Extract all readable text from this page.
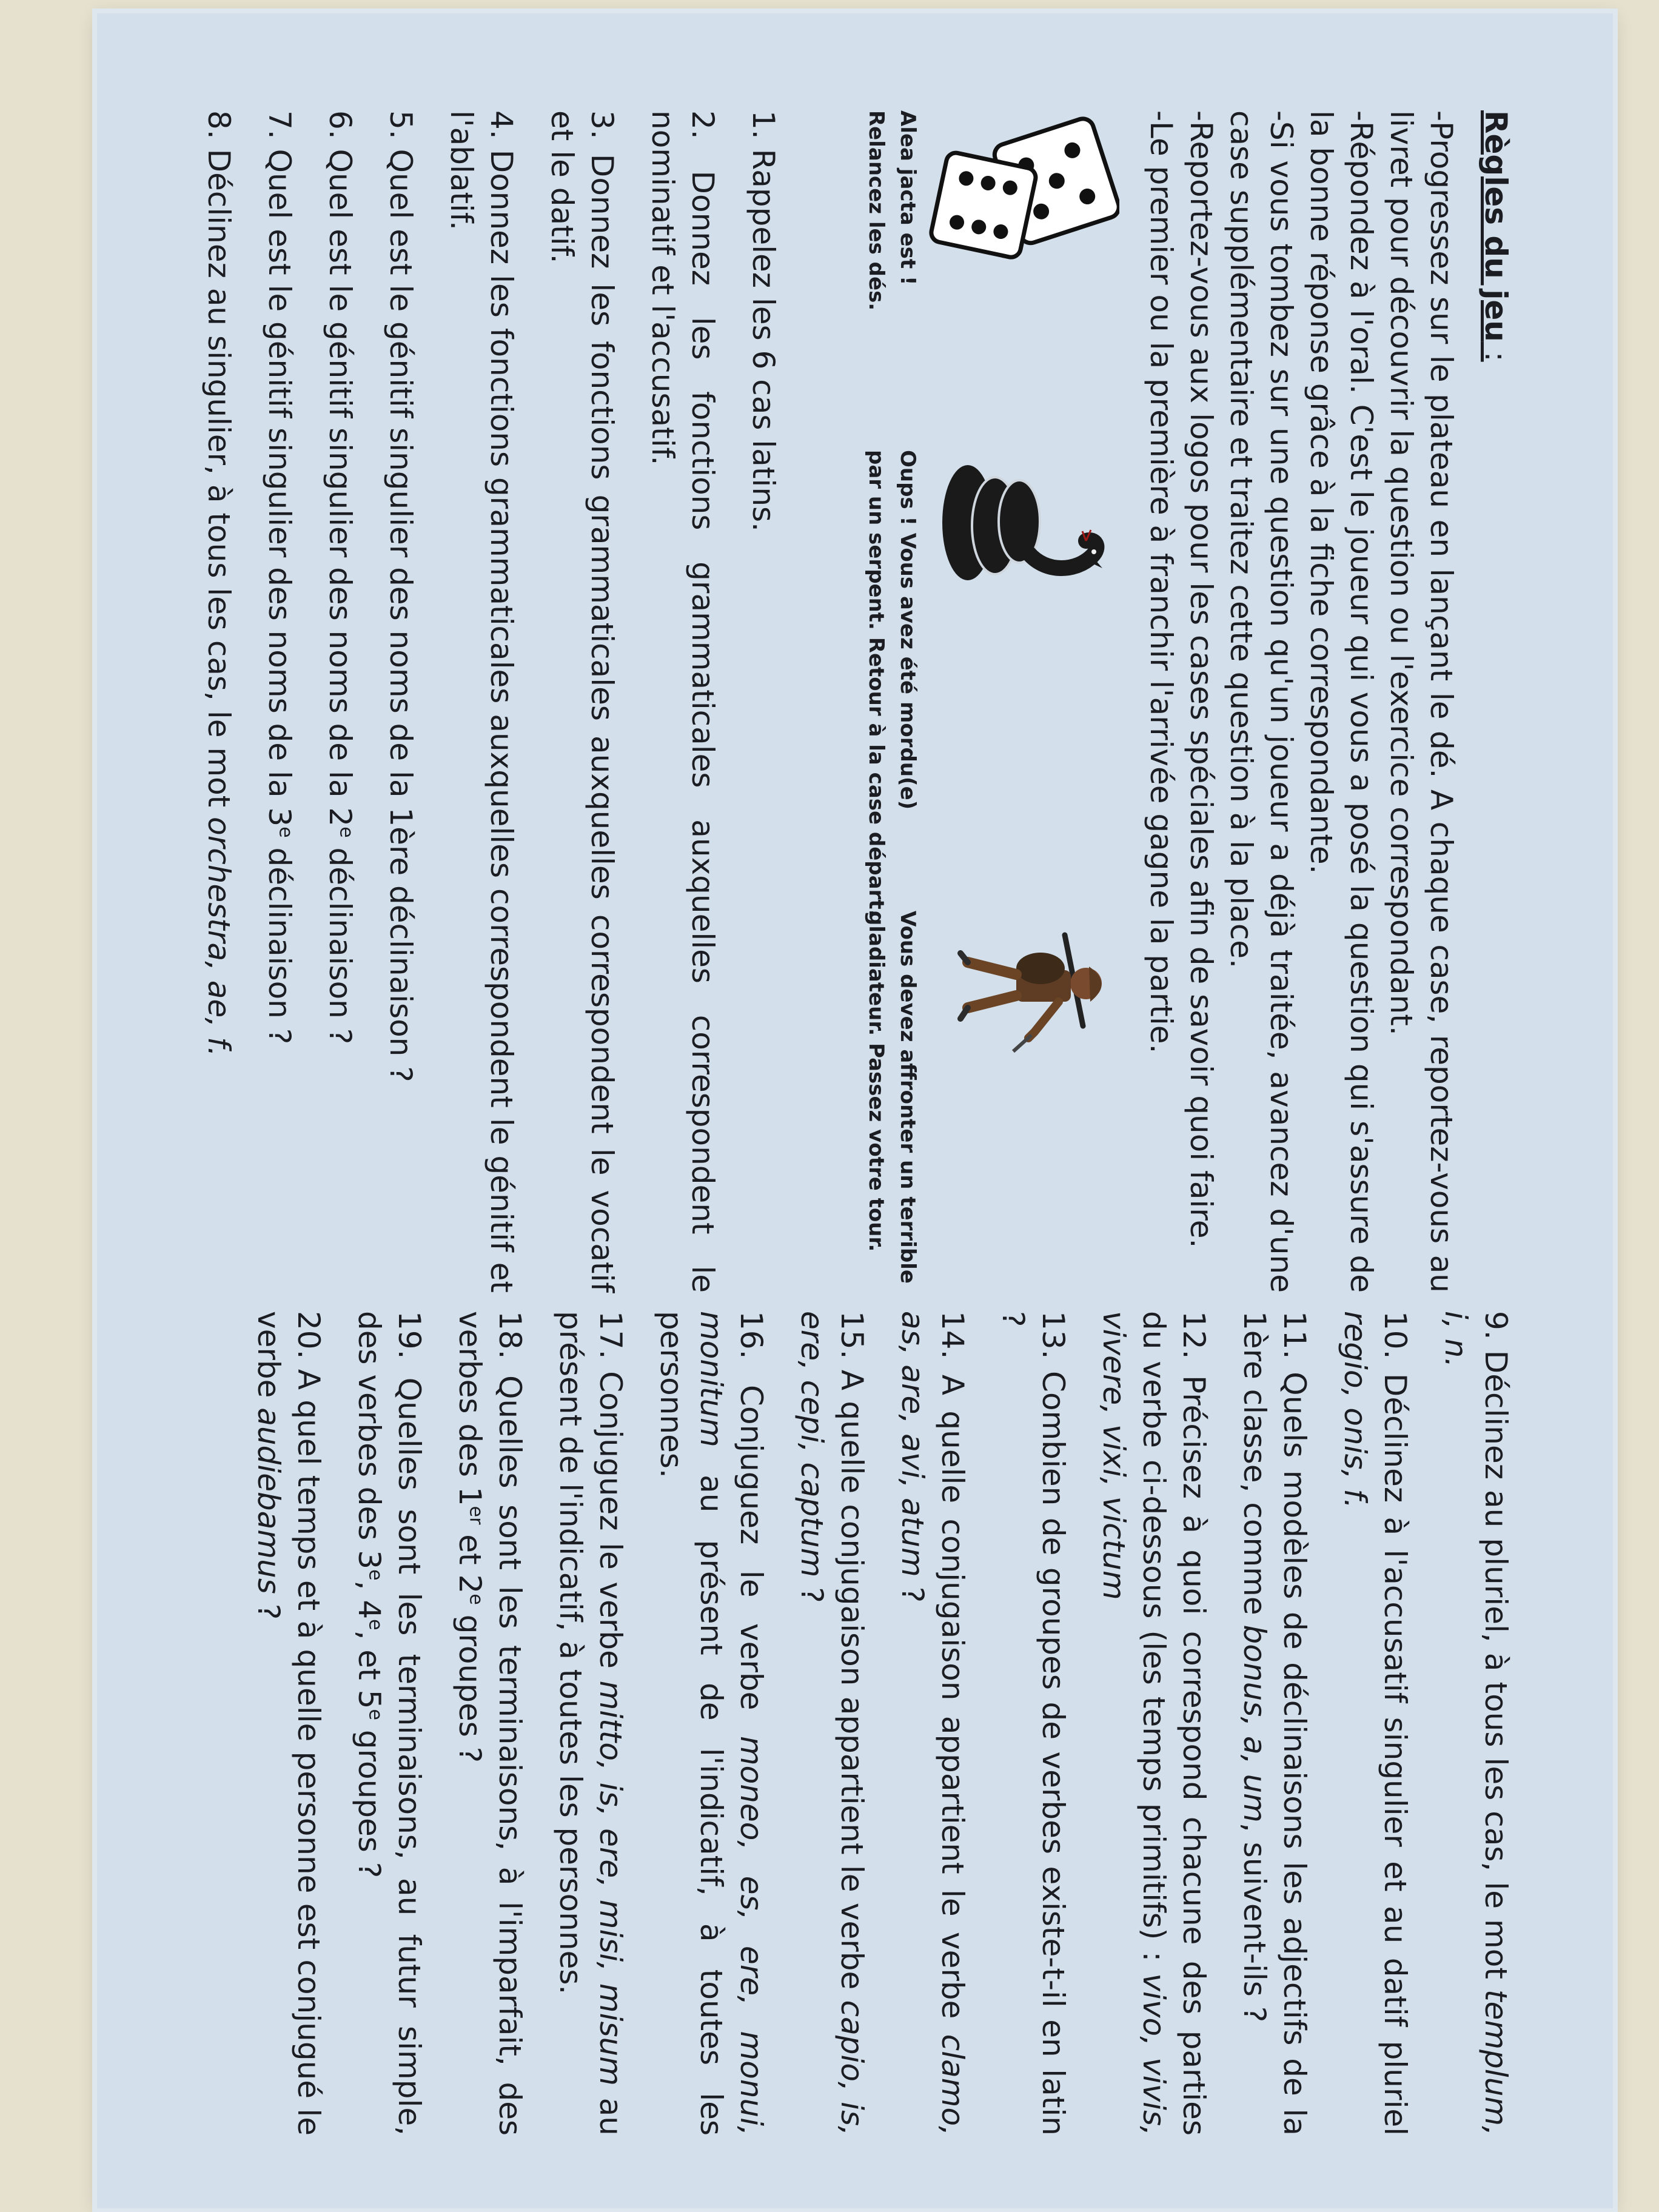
Règles du jeu :

-Progressez sur le plateau en lançant le dé. A chaque case, reportez-vous au livret pour découvrir la question ou l'exercice correspondant.

-Répondez à l'oral. C'est le joueur qui vous a posé la question qui s'assure de la bonne réponse grâce à la fiche correspondante.

-Si vous tombez sur une question qu'un joueur a déjà traitée, avancez d'une case supplémentaire et traitez cette question à la place.

-Reportez-vous aux logos pour les cases spéciales afin de savoir quoi faire.

-Le premier ou la première à franchir l'arrivée gagne la partie.

Alea jacta est !

Relancez les dés.

Oups ! Vous avez été mordu(e)

par un serpent. Retour à la case départ.

Vous devez affronter un terrible

gladiateur. Passez votre tour.

1. Rappelez les 6 cas latins.

2. Donnez les fonctions grammaticales auxquelles correspondent le nominatif et l'accusatif.

3. Donnez les fonctions grammaticales auxquelles correspondent le vocatif et le datif.

4. Donnez les fonctions grammaticales auxquelles correspondent le génitif et l'ablatif.

5. Quel est le génitif singulier des noms de la 1ère déclinaison ?

6. Quel est le génitif singulier des noms de la 2e déclinaison ?

7. Quel est le génitif singulier des noms de la 3e déclinaison ?

8. Déclinez au singulier, à tous les cas, le mot orchestra, ae, f.

9. Déclinez au pluriel, à tous les cas, le mot templum, i, n.

10. Déclinez à l'accusatif singulier et au datif pluriel regio, onis, f.

11. Quels modèles de déclinaisons les adjectifs de la 1ère classe, comme bonus, a, um, suivent-ils ?

12. Précisez à quoi correspond chacune des parties du verbe ci-dessous (les temps primitifs) : vivo, vivis, vivere, vixi, victum

13. Combien de groupes de verbes existe-t-il en latin ?

14. A quelle conjugaison appartient le verbe clamo, as, are, avi, atum ?

15. A quelle conjugaison appartient le verbe capio, is, ere, cepi, captum ?

16. Conjuguez le verbe moneo, es, ere, monui, monitum au présent de l'indicatif, à toutes les personnes.

17. Conjuguez le verbe mitto, is, ere, misi, misum au présent de l'indicatif, à toutes les personnes.

18. Quelles sont les terminaisons, à l'imparfait, des verbes des 1er et 2e groupes ?

19. Quelles sont les terminaisons, au futur simple, des verbes des 3e, 4e, et 5e groupes ?

20. A quel temps et à quelle personne est conjugué le verbe audiebamus ?
